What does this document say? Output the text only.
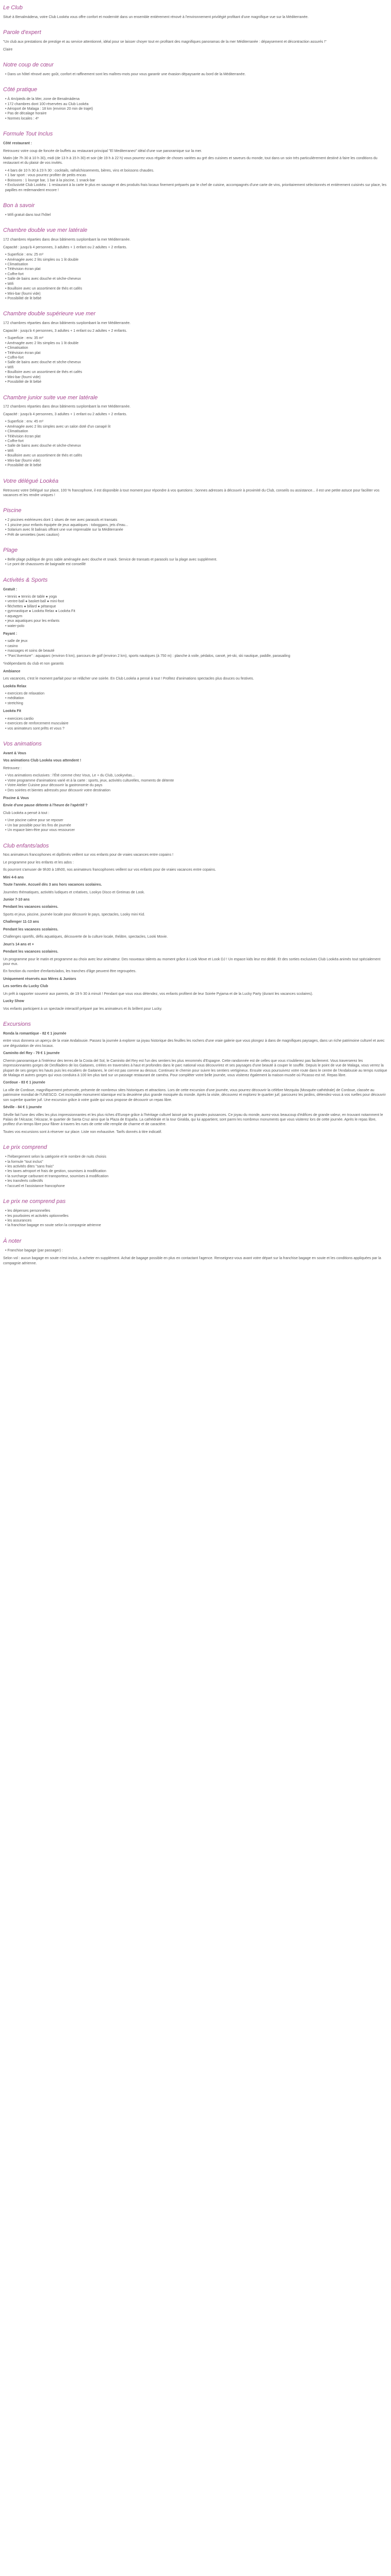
Le Club

Situé à Benalmádena, votre Club Lookéa vous offre confort et modernité dans un ensemble entièrement rénové à l'environnement privilégié profitant d'une magnifique vue sur la Méditerranée.

Parole d'expert

"Un club aux prestations de prestige et au service attentionné, idéal pour se laisser choyer tout en profitant des magnifiques panoramas de la mer Méditerranée : dépaysement et décontraction assurés !"

Claire

Notre coup de cœur
• Dans un hôtel rénové avec goût, confort et raffinement sont les maîtres-mots pour vous garantir une évasion dépaysante au bord de la Méditerranée.
Côté pratique
• À 4m/pieds de la Mer, zone de Benalmádena
• 172 chambres dont 100 réservées au Club Lookéa
• Aéroport de Malaga : 18 km (environ 20 min de trajet)
• Pas de décalage horaire
• Normes locales : 4*
Formule Tout Inclus

Côté restaurant :

Retrouvez votre coup de foncée de buffets au restaurant principal "El Mediterraneo" idéal d'une vue panoramique sur la mer.

Matin (de 7h 30 à 10 h 30), midi (de 13 h à 15 h 30) et soir (de 19 h à 22 h) vous pourrez vous régaler de choses variées au gré des cuisines et saveurs du monde, tout dans un soin très particulièrement destiné à faire les conditions du restaurant et du plaisir de vos invités.

• 4 bars de 10 h 30 à 23 h 30 : cocktails, rafraîchissements, bières, vins et boissons chaudes.
• 1 bar sport : vous pourrez profiter de petits encas
• Boissons : 1 lounge bar, 1 bar à la piscine, 1 snack-bar
• Exclusivité Club Lookéa : 1 restaurant à la carte le plus en sauvage et des produits frais locaux finement préparés par le chef de cuisine, accompagnés d'une carte de vins, prioritairement sélectionnés et entièrement cuisinés sur place, les papilles en redemandent encore !
Bon à savoir
• Wifi gratuit dans tout l'hôtel
Chambre double vue mer latérale

172 chambres réparties dans deux bâtiments surplombant la mer Méditerranée.

Capacité : jusqu'à 4 personnes, 3 adultes + 1 enfant ou 2 adultes + 2 enfants.

• Superficie : env. 25 m²
• Aménagée avec 2 lits simples ou 1 lit double
• Climatisation
• Télévision écran plat
• Coffre-fort
• Salle de bains avec douche et sèche-cheveux
• Wifi
• Bouilloire avec un assortiment de thés et cafés
• Mini-bar (fourni vide)
• Possibilité de lit bébé
Chambre double supérieure vue mer

172 chambres réparties dans deux bâtiments surplombant la mer Méditerranée.

Capacité : jusqu'à 4 personnes, 3 adultes + 1 enfant ou 2 adultes + 2 enfants.

• Superficie : env. 35 m²
• Aménagée avec 2 lits simples ou 1 lit double
• Climatisation
• Télévision écran plat
• Coffre-fort
• Salle de bains avec douche et sèche-cheveux
• Wifi
• Bouilloire avec un assortiment de thés et cafés
• Mini-bar (fourni vide)
• Possibilité de lit bébé
Chambre junior suite vue mer latérale

172 chambres réparties dans deux bâtiments surplombant la mer Méditerranée.

Capacité : jusqu'à 4 personnes, 3 adultes + 1 enfant ou 2 adultes + 2 enfants.

• Superficie : env. 45 m²
• Aménagée avec 2 lits simples avec un salon doté d'un canapé lit
• Climatisation
• Télévision écran plat
• Coffre-fort
• Salle de bains avec douche et sèche-cheveux
• Wifi
• Bouilloire avec un assortiment de thés et cafés
• Mini-bar (fourni vide)
• Possibilité de lit bébé
Votre délégué Lookéa

Retrouvez votre Délégué sur place, 100 % francophone, il est disponible à tout moment pour répondre à vos questions ; bonnes adresses à découvrir à proximité du Club, conseils ou assistance... il est une petite astuce pour faciliter vos vacances et les rendre uniques !

Piscine
• 2 piscines extérieures dont 1 situes de mer avec parasols et transats
• 1 piscine pour enfants équipée de jeux aquatiques : toboggans, jets d'eau...
• Solarium avec lit balinais offrant une vue imprenable sur la Méditerranée
• Prêt de serviettes (avec caution)
Plage
• Belle plage publique de gros sable aménagée avec douche et snack. Service de transats et parasols sur la plage avec supplément.
• Le pont de chaussures de baignade est conseillé
Activités & Sports

Gratuit :

• tennis ● tennis de table ● yoga
• ventre-ball ● basket-ball ● mini-foot
• fléchettes ● billard ● pétanque
• gymnastique ● Lookéa Relax ● Lookéa Fit
• aquagym
• jeux aquatiques pour les enfants
• water-polo

Payant :

• salle de jeux
• casino
• massages et soins de beauté
• "Parc'Aventure" : aquaparc (environ 6 km), parcours de golf (environ 2 km), sports nautiques (à 750 m) : planche à voile, pédalos, canoë, jet-ski, ski nautique, paddle, parasailing

*indépendants du club et non garantis

Ambiance

Les vacances, c'est le moment parfait pour se relâcher une soirée. En Club Lookéa a pensé à tout ! Profitez d'animations spectacles plus douces ou festives.

Lookéa Relax

• exercices de relaxation
• méditation
• stretching

Lookéa Fit

• exercices cardio
• exercices de renforcement musculaire
• vos animateurs sont prêts et vous ?
Vos animations

Avant & Vous

Vos animations Club Lookéa vous attendent !

Retrouvez :

• Vos animations exclusives : l'Été comme chez Vous, Le + du Club, Lookyvéas...
• Votre programme d'animations varié et à la carte : sports, jeux, activités culturelles, moments de détente
• Votre Atelier Cuisine pour découvrir la gastronomie du pays
• Des soirées et bientes adressés pour découvrir votre destination

Piscine & Vous

Envie d'une pause détente à l'heure de l'apéritif ?

Club Lookéa a pensé à tout :

• Une piscine calme pour se reposer
• Un bar possible pour les fins de journée
• Un espace bien-être pour vous ressourcer
Club enfants/ados

Nos animateurs francophones et diplômés veillent sur vos enfants pour de vraies vacances entre copains !

Le programme pour les enfants et les ados :

Ils pourront s'amuser de 9h30 à 18h00, nos animateurs francophones veillent sur vos enfants pour de vraies vacances entre copains.

Mini 4-6 ans

Toute l'année. Accueil dès 3 ans hors vacances scolaires.

Journées thématiques, activités ludiques et créatives, Lookyo Disco et Greimas de Look.

Junior 7-10 ans

Pendant les vacances scolaires.

Sports et jeux, piscine, journée locale pour découvrir le pays, spectacles, Looky mini Kid.

Challenger 11-13 ans

Pendant les vacances scolaires.

Challenges sportifs, défis aquatiques, découverte de la culture locale, théâtre, spectacles, Looki Movie.

Jeun's 14 ans et +

Pendant les vacances scolaires.

Un programme pour le matin et programme au choix avec leur animateur. Des nouveaux talents au moment grâce à Look Move et Look DJ ! Un espace kids leur est dédié. Et des sorties exclusives Club Lookéa animés tout spécialement pour eux.

En fonction du nombre d'enfants/ados, les tranches d'âge peuvent être regroupées.

Uniquement réservés aux Mères & Juniors

Les sorties du Lucky Club

Un prêt à rapporter souvenir aux parents, de 19 h 30 à minuit ! Pendant que vous vous détendez, vos enfants profitent de leur Soirée Pyjama et de la Lucky Party (durant les vacances scolaires).

Lucky Show

Vos enfants participent à un spectacle interactif préparé par les animateurs et ils brillent pour Lucky.

Excursions

Ronda la romantique - 82 € 1 journée

entre vous donnera un aperçu de la vraie Andalousie. Passez la journée à explorer sa joyau historique des feuilles les rochers d'une vraie galerie que vous plongez à dans de magnifiques paysages, dans un riche patrimoine culturel et avec une dégustation de vins locaux.

Caminito del Rey - 79 € 1 journée

Chemin panoramique à l'intérieur des terres de la Costa del Sol, le Caminito del Rey est l'un des sentiers les plus renommés d'Espagne. Cette randonnée est de celles que vous n'oublierez pas facilement. Vous traverserez les impressionnantes gorges de Desfiladero de los Gaitanes, créées en traversées à haut et profondes dans le parc national vous découvrirez et ses paysages d'une beauté à couper le souffle. Depuis le point de vue de Malaga, vous verrez la plupart de ses gorges les hauts puis les escaliers de Gaitanes, le ciel est pas comme au dessus. Continuez le chemin pour suivre les sentiers vertigineux. Ensuite vous poursuivrez votre route dans le centre de l'Andalousie au temps rustique de Malaga et autres gorges qui vous conduira à 100 km plus tard sur un passage restaurant de caméra. Pour compléter votre belle journée, vous visiterez également la maison-musée où Picasso est né. Repas libre.

Cordoue - 83 € 1 journée

La ville de Cordoue, magnifiquement préservée, présente de nombreux sites historiques et attractions. Lors de cette excursion d'une journée, vous pourrez découvrir la célèbre Mezquita (Mosquée-cathédrale) de Cordoue, classée au patrimoine mondial de l'UNESCO. Cet incroyable monument islamique est la deuxième plus grande mosquée du monde. Après la visite, découvrez et explorez le quartier juif, parcourez les jardins, détendez-vous à vos ruelles pour découvrir son superbe quartier juif. Une excursion grâce à votre guide qui vous propose de découvrir un repas libre.

Séville - 84 € 1 journée

Séville fait l'une des villes les plus impressionnantes et les plus riches d'Europe grâce à l'héritage culturel laissé par les grandes puissances. Ce joyau du monde, aurez-vous beaucoup d'édifices de grande valeur, en trouvant notamment le Palais de l'Alcazar, l'Alcazar, le quartier de Santa Cruz ainsi que la Plaza de España. La cathédrale et la tour Giralda, qui lui appartient, sont parmi les nombreux monuments que vous visiterez lors de cette journée. Après le repas libre, profitez d'un temps libre pour flâner à travers les rues de cette ville remplie de charme et de caractère.

Toutes vos excursions sont à réserver sur place. Liste non exhaustive. Tarifs donnés à titre indicatif.

Le prix comprend
• l'hébergement selon la catégorie et le nombre de nuits choisis
• la formule "tout inclus"
• les activités dites "sans frais"
• les taxes aéroport et frais de gestion, soumises à modification
• la surcharge carburant et transporteur, soumises à modification
• les transferts collectifs
• l'accueil et l'assistance francophone
Le prix ne comprend pas
• les dépenses personnelles
• les pourboires et activités optionnelles
• les assurances
• la franchise bagage en soute selon la compagnie aérienne
À noter
• Franchise bagage (par passager) :

Selon vol : aucun bagage en soute n'est inclus, à acheter en supplément. Achat de bagage possible en plus en contactant l'agence. Renseignez-vous avant votre départ sur la franchise bagage en soute et les conditions appliquées par la compagnie aérienne.
